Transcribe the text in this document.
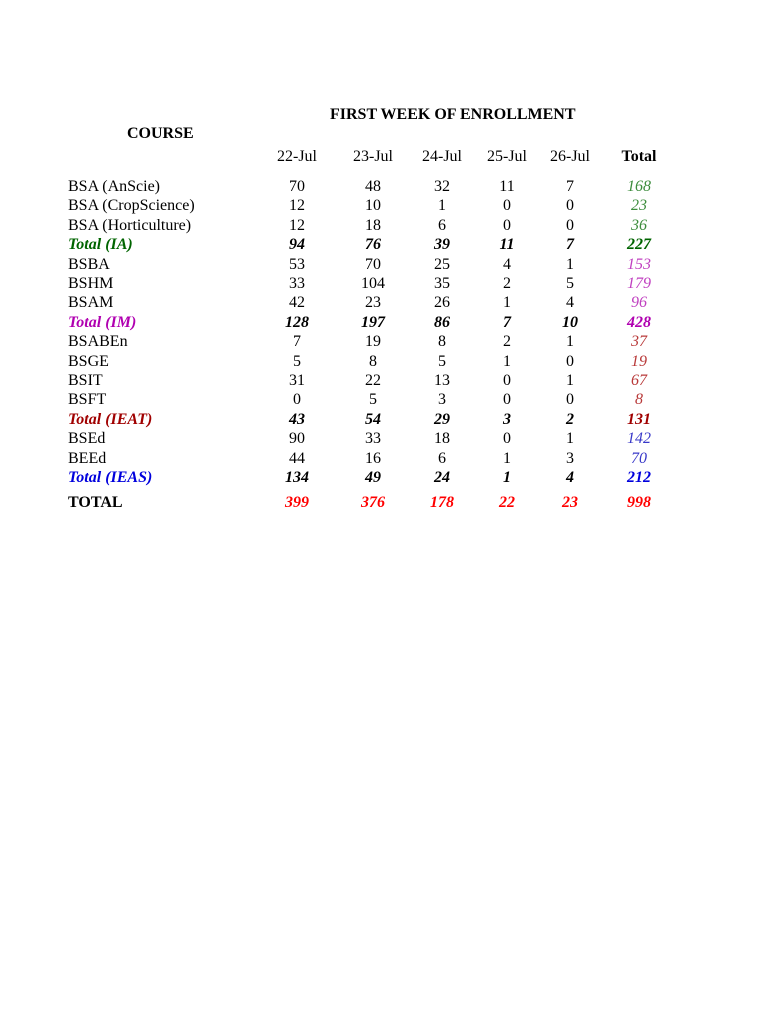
FIRST WEEK OF ENROLLMENT
COURSE
22-Jul 23-Jul 24-Jul 25-Jul 26-Jul Total
BSA (AnScie)	70	48	32	11	7	168
BSA (CropScience)	12	10	1	0	0	23
BSA (Horticulture)	12	18	6	0	0	36
Total (IA)	94	76	39	11	7	227
BSBA	53	70	25	4	1	153
BSHM	33	104	35	2	5	179
BSAM	42	23	26	1	4	96
Total (IM)	128	197	86	7	10	428
BSABEn	7	19	8	2	1	37
BSGE	5	8	5	1	0	19
BSIT	31	22	13	0	1	67
BSFT	0	5	3	0	0	8
Total (IEAT)	43	54	29	3	2	131
BSEd	90	33	18	0	1	142
BEEd	44	16	6	1	3	70
Total (IEAS)	134	49	24	1	4	212
TOTAL	399	376	178	22	23	998
